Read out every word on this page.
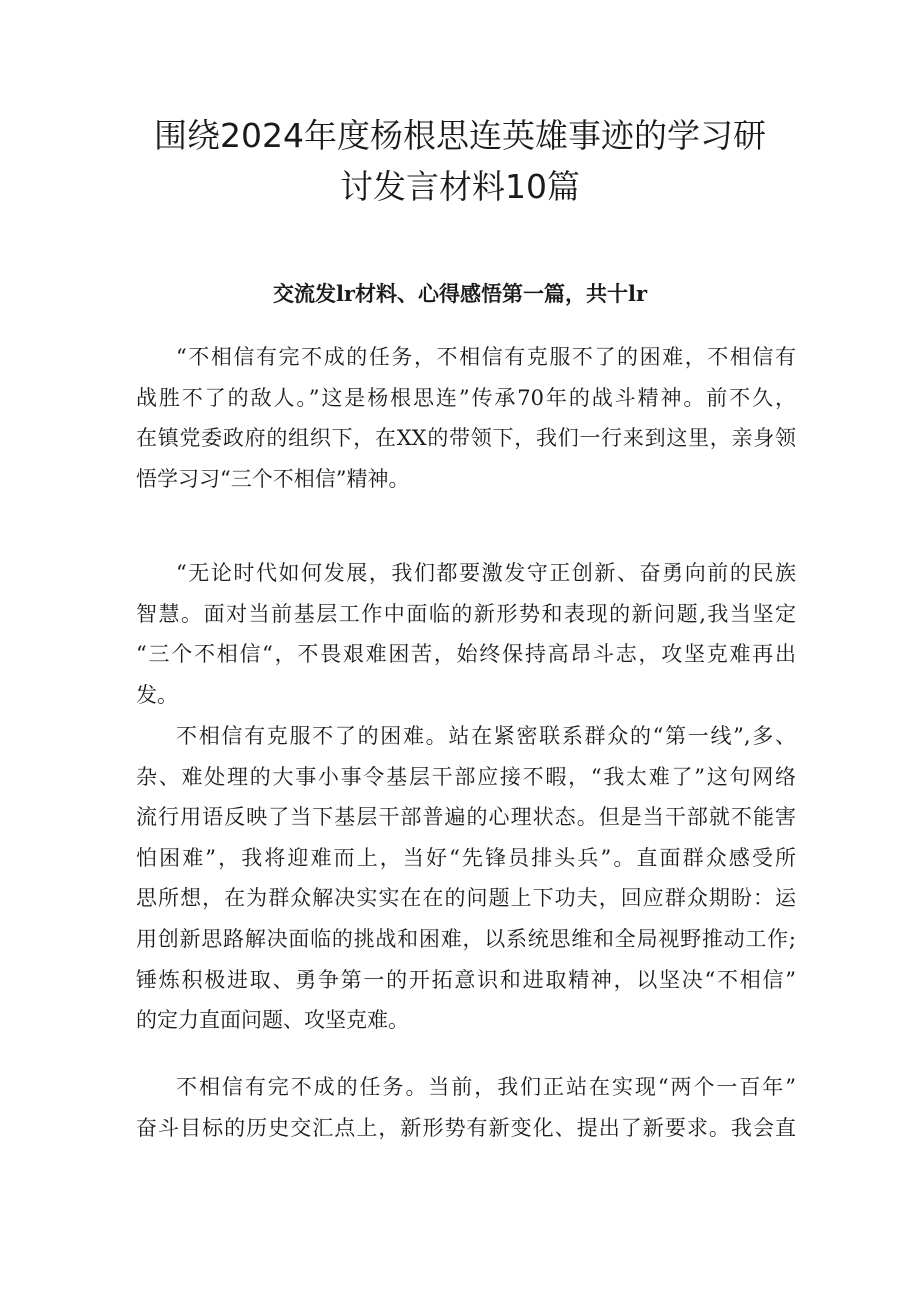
围绕2024年度杨根思连英雄事迹的学习研
讨发言材料10篇
交流发lr材料、心得感悟第一篇，共十lr

“不相信有完不成的任务，不相信有克服不了的困难，不相信有
战胜不了的敌人。”这是杨根思连”传承70年的战斗精神。前不久，
在镇党委政府的组织下，在XX的带领下，我们一行来到这里，亲身领
悟学习习“三个不相信”精神。

“无论时代如何发展，我们都要激发守正创新、奋勇向前的民族
智慧。面对当前基层工作中面临的新形势和表现的新问题,我当坚定
“三个不相信“，不畏艰难困苦，始终保持高昂斗志，攻坚克难再出
发。

不相信有克服不了的困难。站在紧密联系群众的“第一线”,多、
杂、难处理的大事小事令基层干部应接不暇，“我太难了”这句网络
流行用语反映了当下基层干部普遍的心理状态。但是当干部就不能害
怕困难”，我将迎难而上，当好“先锋员排头兵”。直面群众感受所
思所想，在为群众解决实实在在的问题上下功夫，回应群众期盼：运
用创新思路解决面临的挑战和困难，以系统思维和全局视野推动工作;
锤炼积极进取、勇争第一的开拓意识和进取精神，以坚决“不相信”
的定力直面问题、攻坚克难。

不相信有完不成的任务。当前，我们正站在实现“两个一百年”
奋斗目标的历史交汇点上，新形势有新变化、提出了新要求。我会直
